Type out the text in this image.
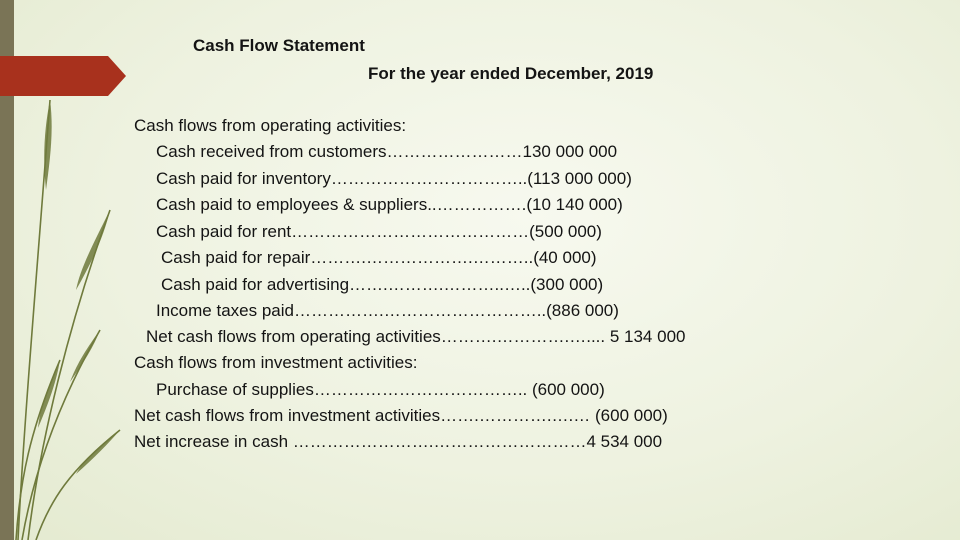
Cash Flow Statement
For the year ended December, 2019
Cash flows from operating activities:
Cash received from customers……………………130 000 000
Cash paid for inventory……………………………..(113 000 000)
Cash paid to employees & suppliers..…………….(10 140 000)
Cash paid for rent……………………………………(500 000)
Cash paid for repair……….……………….………..(40 000)
Cash paid for advertising…….……….………..…..(300 000)
Income taxes paid…………….………………………..(886 000)
Net cash flows from operating activities……….………….….... 5 134 000
Cash flows from investment activities:
Purchase of supplies……………………………….. (600 000)
Net cash flows from investment activities…….………….….… (600 000)
Net increase in cash …………………….………………………4 534 000
